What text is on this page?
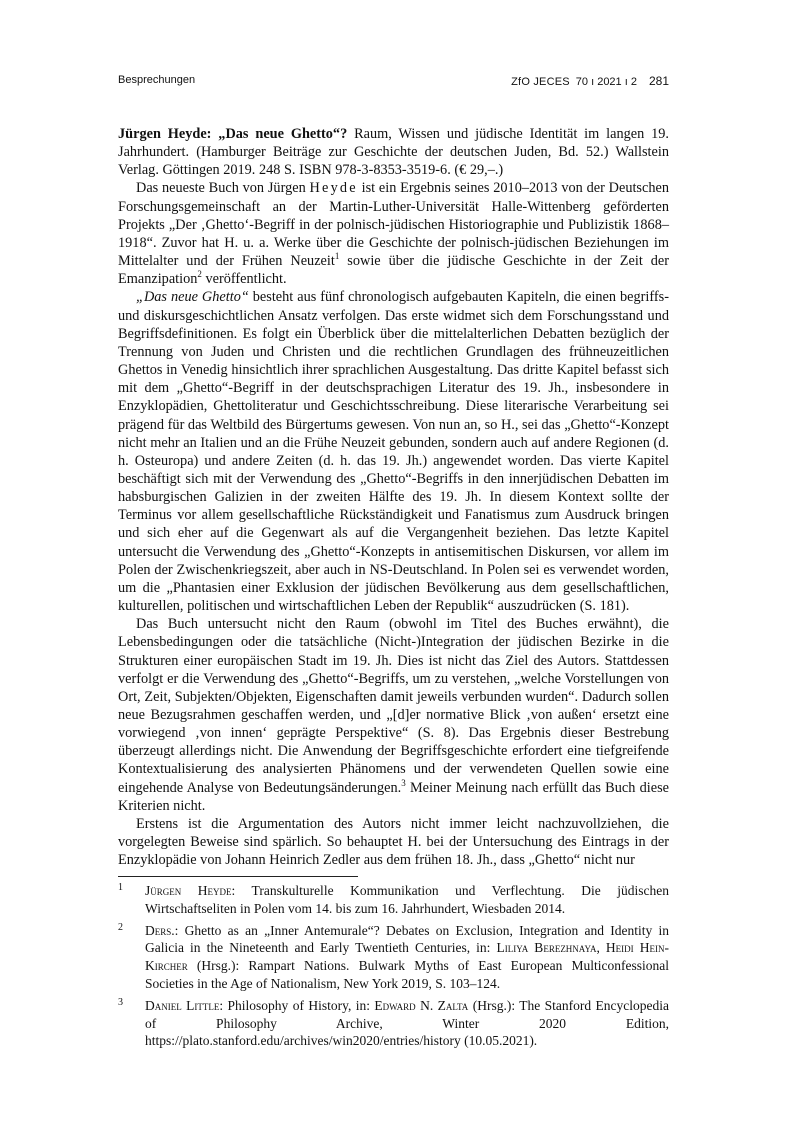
Besprechungen	ZfO JECES 70 ı 2021 ı 2 281

Jürgen Heyde: „Das neue Ghetto“? Raum, Wissen und jüdische Identität im langen 19. Jahrhundert. (Hamburger Beiträge zur Geschichte der deutschen Juden, Bd. 52.) Wallstein Verlag. Göttingen 2019. 248 S. ISBN 978-3-8353-3519-6. (€ 29,–.)

Das neueste Buch von Jürgen Heyde ist ein Ergebnis seines 2010–2013 von der Deutschen Forschungsgemeinschaft an der Martin-Luther-Universität Halle-Wittenberg geförderten Projekts „Der ‚Ghetto‘-Begriff in der polnisch-jüdischen Historiographie und Publizistik 1868–1918“. Zuvor hat H. u. a. Werke über die Geschichte der polnisch-jüdischen Beziehungen im Mittelalter und der Frühen Neuzeit$^1$ sowie über die jüdische Geschichte in der Zeit der Emanzipation$^2$ veröffentlicht.

„Das neue Ghetto“ besteht aus fünf chronologisch aufgebauten Kapiteln, die einen begriffs- und diskursgeschichtlichen Ansatz verfolgen. Das erste widmet sich dem Forschungsstand und Begriffsdefinitionen. Es folgt ein Überblick über die mittelalterlichen Debatten bezüglich der Trennung von Juden und Christen und die rechtlichen Grundlagen des frühneuzeitlichen Ghettos in Venedig hinsichtlich ihrer sprachlichen Ausgestaltung. Das dritte Kapitel befasst sich mit dem „Ghetto“-Begriff in der deutschsprachigen Literatur des 19. Jh., insbesondere in Enzyklopädien, Ghettoliteratur und Geschichtsschreibung. Diese literarische Verarbeitung sei prägend für das Weltbild des Bürgertums gewesen. Von nun an, so H., sei das „Ghetto“-Konzept nicht mehr an Italien und an die Frühe Neuzeit gebunden, sondern auch auf andere Regionen (d. h. Osteuropa) und andere Zeiten (d. h. das 19. Jh.) angewendet worden. Das vierte Kapitel beschäftigt sich mit der Verwendung des „Ghetto“-Begriffs in den innerjüdischen Debatten im habsburgischen Galizien in der zweiten Hälfte des 19. Jh. In diesem Kontext sollte der Terminus vor allem gesellschaftliche Rückständigkeit und Fanatismus zum Ausdruck bringen und sich eher auf die Gegenwart als auf die Vergangenheit beziehen. Das letzte Kapitel untersucht die Verwendung des „Ghetto“-Konzepts in antisemitischen Diskursen, vor allem im Polen der Zwischenkriegszeit, aber auch in NS-Deutschland. In Polen sei es verwendet worden, um die „Phantasien einer Exklusion der jüdischen Bevölkerung aus dem gesellschaftlichen, kulturellen, politischen und wirtschaftlichen Leben der Republik“ auszudrücken (S. 181).

Das Buch untersucht nicht den Raum (obwohl im Titel des Buches erwähnt), die Lebensbedingungen oder die tatsächliche (Nicht-)Integration der jüdischen Bezirke in die Strukturen einer europäischen Stadt im 19. Jh. Dies ist nicht das Ziel des Autors. Stattdessen verfolgt er die Verwendung des „Ghetto“-Begriffs, um zu verstehen, „welche Vorstellungen von Ort, Zeit, Subjekten/Objekten, Eigenschaften damit jeweils verbunden wurden“. Dadurch sollen neue Bezugsrahmen geschaffen werden, und „[d]er normative Blick ‚von außen‘ ersetzt eine vorwiegend ‚von innen‘ geprägte Perspektive“ (S. 8). Das Ergebnis dieser Bestrebung überzeugt allerdings nicht. Die Anwendung der Begriffsgeschichte erfordert eine tiefgreifende Kontextualisierung des analysierten Phänomens und der verwendeten Quellen sowie eine eingehende Analyse von Bedeutungsänderungen.$^3$ Meiner Meinung nach erfüllt das Buch diese Kriterien nicht.

Erstens ist die Argumentation des Autors nicht immer leicht nachzuvollziehen, die vorgelegten Beweise sind spärlich. So behauptet H. bei der Untersuchung des Eintrags in der Enzyklopädie von Johann Heinrich Zedler aus dem frühen 18. Jh., dass „Ghetto“ nicht nur

1 Jürgen Heyde: Transkulturelle Kommunikation und Verflechtung. Die jüdischen Wirtschaftseliten in Polen vom 14. bis zum 16. Jahrhundert, Wiesbaden 2014.
2 Ders.: Ghetto as an „Inner Antemurale“? Debates on Exclusion, Integration and Identity in Galicia in the Nineteenth and Early Twentieth Centuries, in: Liliya Berezhnaya, Heidi Hein-Kircher (Hrsg.): Rampart Nations. Bulwark Myths of East European Multiconfessional Societies in the Age of Nationalism, New York 2019, S. 103–124.
3 Daniel Little: Philosophy of History, in: Edward N. Zalta (Hrsg.): The Stanford Encyclopedia of Philosophy Archive, Winter 2020 Edition, https://plato.stanford.edu/archives/win2020/entries/history (10.05.2021).
